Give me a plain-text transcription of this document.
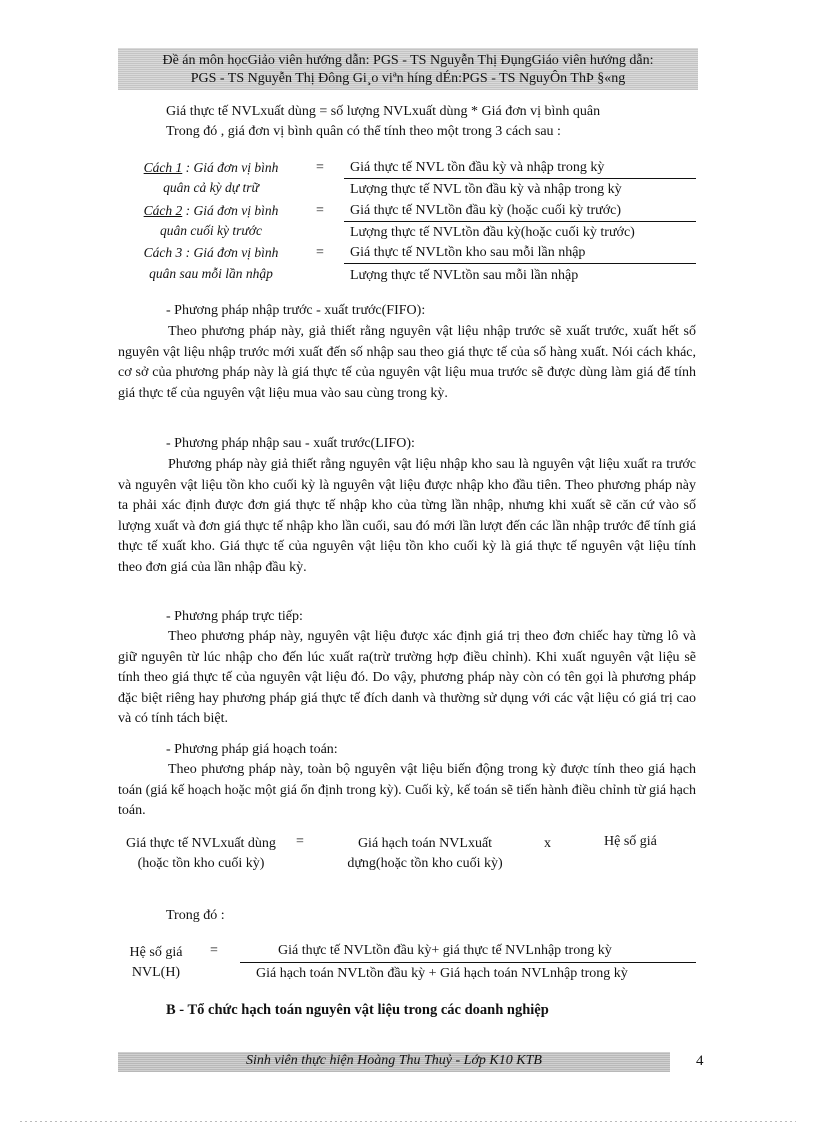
Đề án môn họcGiảo viên hướng dẫn: PGS - TS Nguyễn Thị ĐụngGiáo viên hướng dẫn:
PGS - TS Nguyễn Thị Đông Gi¸o viªn híng dÉn:PGS - TS NguyÔn ThÞ §«ng
Giá thực tế NVLxuất dùng = số lượng NVLxuất dùng * Giá đơn vị bình quân
Trong đó , giá đơn vị bình quân có thể tính theo một trong 3 cách sau :
Cách 1 : Giá đơn vị bình
quân cả kỳ dự trữ
= Giá thực tế NVL tồn đầu kỳ và nhập trong kỳ
Lượng thực tế NVL tồn đầu kỳ và nhập trong kỳ
Cách 2 : Giá đơn vị bình
quân cuối kỳ trước
= Giá thực tế NVLtồn đầu kỳ (hoặc cuối kỳ trước)
Lượng thực tế NVLtồn đầu kỳ(hoặc cuối kỳ trước)
Cách 3 : Giá đơn vị bình
quân sau mỗi lần nhập
= Giá thực tế NVLtồn kho sau mỗi lần nhập
Lượng thực tế NVLtồn sau mỗi lần nhập
- Phương pháp nhập trước - xuất trước(FIFO):
Theo phương pháp này, giả thiết rằng nguyên vật liệu nhập trước sẽ xuất trước, xuất hết số nguyên vật liệu nhập trước mới xuất đến số nhập sau theo giá thực tế của số hàng xuất. Nói cách khác, cơ sở của phương pháp này là giá thực tế của nguyên vật liệu mua trước sẽ được dùng làm giá để tính giá thực tế của nguyên vật liệu mua vào sau cùng trong kỳ.
- Phương pháp nhập sau - xuất trước(LIFO):
Phương pháp này giả thiết rằng nguyên vật liệu nhập kho sau là nguyên vật liệu xuất ra trước và nguyên vật liệu tồn kho cuối kỳ là nguyên vật liệu được nhập kho đầu tiên. Theo phương pháp này ta phải xác định được đơn giá thực tế nhập kho của từng lần nhập, nhưng khi xuất sẽ căn cứ vào số lượng xuất và đơn giá thực tế nhập kho lần cuối, sau đó mới lần lượt đến các lần nhập trước để tính giá thực tế xuất kho. Giá thực tế của nguyên vật liệu tồn kho cuối kỳ là giá thực tế nguyên vật liệu tính theo đơn giá của lần nhập đầu kỳ.
- Phương pháp trực tiếp:
Theo phương pháp này, nguyên vật liệu được xác định giá trị theo đơn chiếc hay từng lô và giữ nguyên từ lúc nhập cho đến lúc xuất ra(trừ trường hợp điều chỉnh). Khi xuất nguyên vật liệu sẽ tính theo giá thực tế của nguyên vật liệu đó. Do vậy, phương pháp này còn có tên gọi là phương pháp đặc biệt riêng hay phương pháp giá thực tế đích danh và thường sử dụng với các vật liệu có giá trị cao và có tính tách biệt.
- Phương pháp giá hoạch toán:
Theo phương pháp này, toàn bộ nguyên vật liệu biến động trong kỳ được tính theo giá hạch toán (giá kế hoạch hoặc một giá ổn định trong kỳ). Cuối kỳ, kế toán sẽ tiến hành điều chỉnh từ giá hạch toán.
Giá thực tế NVLxuất dùng (hoặc tồn kho cuối kỳ)
=	Giá hạch toán NVLxuất dựng(hoặc tồn kho cuối kỳ)
x	Hệ số giá
Trong đó :
Hệ số giá NVL(H)
=	Giá thực tế NVLtồn đầu kỳ+ giá thực tế NVLnhập trong kỳ
Giá hạch toán NVLtồn đầu kỳ + Giá hạch toán NVLnhập trong kỳ
B - Tổ chức hạch toán nguyên vật liệu trong các doanh nghiệp
Sinh viên thực hiện Hoàng Thu Thuỷ - Lớp K10 KTB	4
